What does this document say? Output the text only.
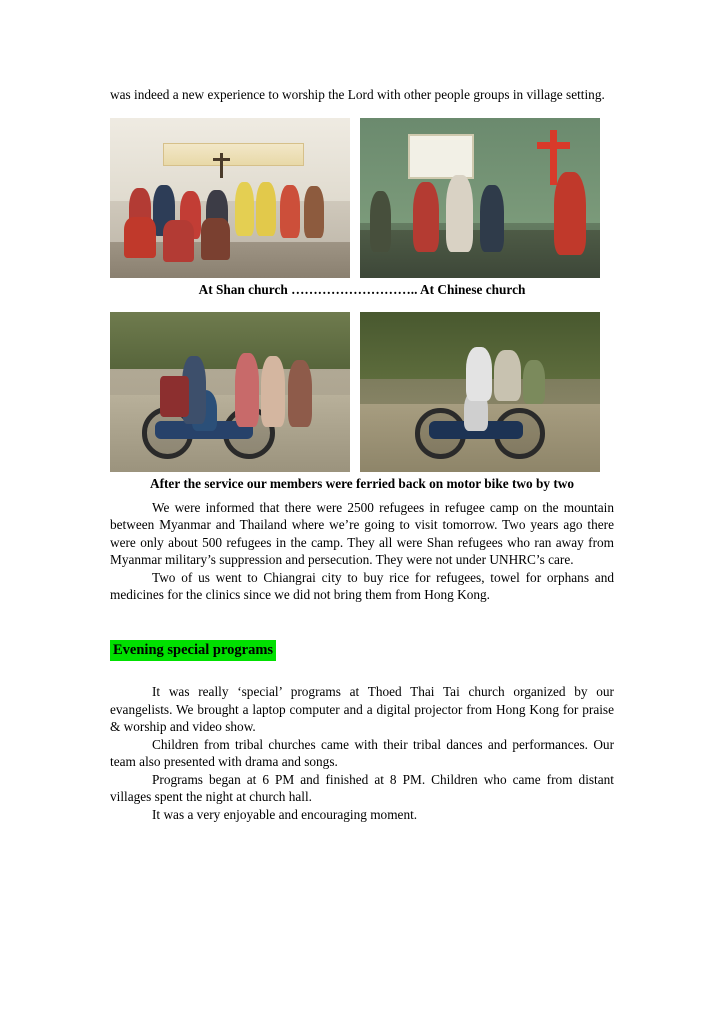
was indeed a new experience to worship the Lord with other people groups in village setting.

At Shan church ……………………….. At Chinese church
After the service our members were ferried back on motor bike two by two

We were informed that there were 2500 refugees in refugee camp on the mountain between Myanmar and Thailand where we’re going to visit tomorrow. Two years ago there were only about 500 refugees in the camp. They all were Shan refugees who ran away from Myanmar military’s suppression and persecution. They were not under UNHRC’s care.

Two of us went to Chiangrai city to buy rice for refugees, towel for orphans and medicines for the clinics since we did not bring them from Hong Kong.

Evening special programs

It was really ‘special’ programs at Thoed Thai Tai church organized by our evangelists. We brought a laptop computer and a digital projector from Hong Kong for praise & worship and video show.

Children from tribal churches came with their tribal dances and performances. Our team also presented with drama and songs.

Programs began at 6 PM and finished at 8 PM. Children who came from distant villages spent the night at church hall.

It was a very enjoyable and encouraging moment.
